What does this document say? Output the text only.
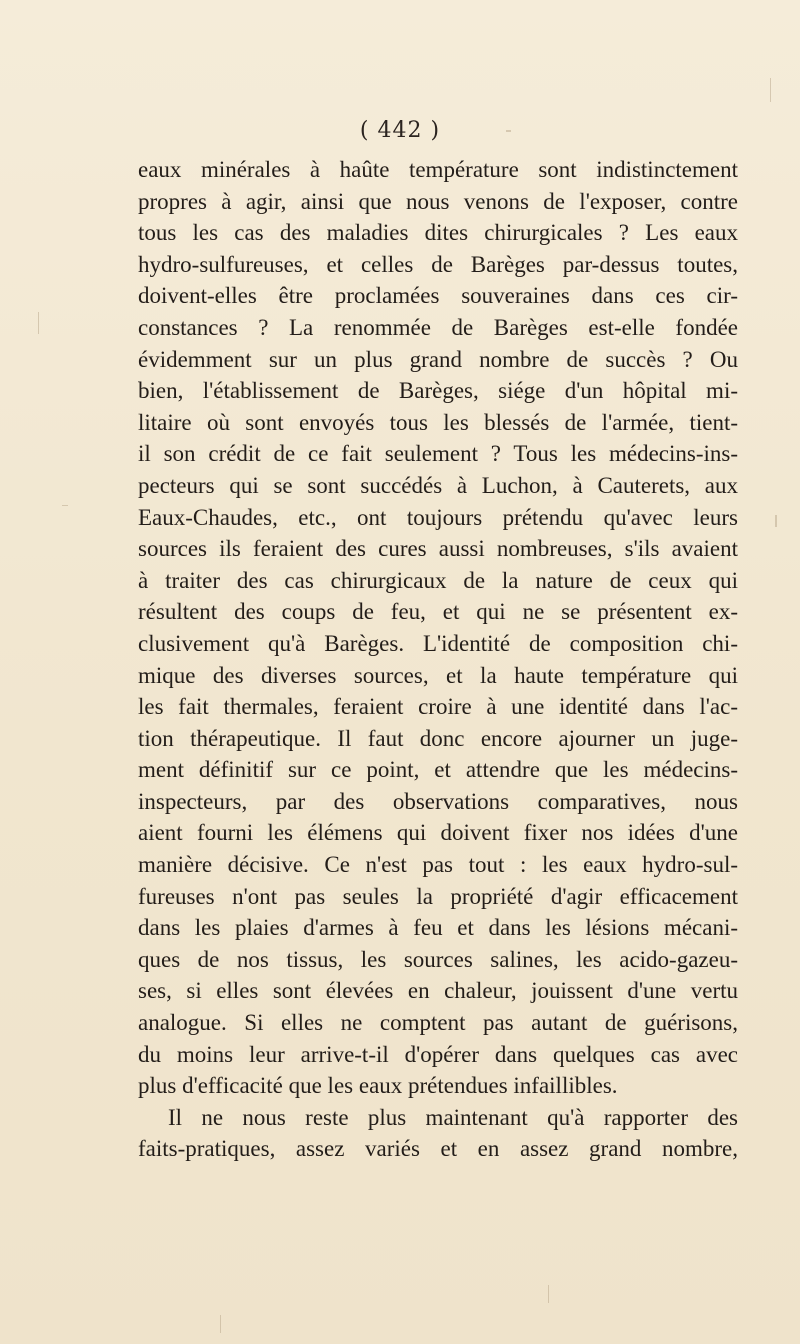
( 442 )
eaux minérales à haûte température sont indistinctement
propres à agir, ainsi que nous venons de l'exposer, contre
tous les cas des maladies dites chirurgicales ? Les eaux
hydro-sulfureuses, et celles de Barèges par-dessus toutes,
doivent-elles être proclamées souveraines dans ces cir-
constances ? La renommée de Barèges est-elle fondée
évidemment sur un plus grand nombre de succès ? Ou
bien, l'établissement de Barèges, siége d'un hôpital mi-
litaire où sont envoyés tous les blessés de l'armée, tient-
il son crédit de ce fait seulement ? Tous les médecins-ins-
pecteurs qui se sont succédés à Luchon, à Cauterets, aux
Eaux-Chaudes, etc., ont toujours prétendu qu'avec leurs
sources ils feraient des cures aussi nombreuses, s'ils avaient
à traiter des cas chirurgicaux de la nature de ceux qui
résultent des coups de feu, et qui ne se présentent ex-
clusivement qu'à Barèges. L'identité de composition chi-
mique des diverses sources, et la haute température qui
les fait thermales, feraient croire à une identité dans l'ac-
tion thérapeutique. Il faut donc encore ajourner un juge-
ment définitif sur ce point, et attendre que les médecins-
inspecteurs, par des observations comparatives, nous
aient fourni les élémens qui doivent fixer nos idées d'une
manière décisive. Ce n'est pas tout : les eaux hydro-sul-
fureuses n'ont pas seules la propriété d'agir efficacement
dans les plaies d'armes à feu et dans les lésions mécani-
ques de nos tissus, les sources salines, les acido-gazeu-
ses, si elles sont élevées en chaleur, jouissent d'une vertu
analogue. Si elles ne comptent pas autant de guérisons,
du moins leur arrive-t-il d'opérer dans quelques cas avec
plus d'efficacité que les eaux prétendues infaillibles.
Il ne nous reste plus maintenant qu'à rapporter des
faits-pratiques, assez variés et en assez grand nombre,
